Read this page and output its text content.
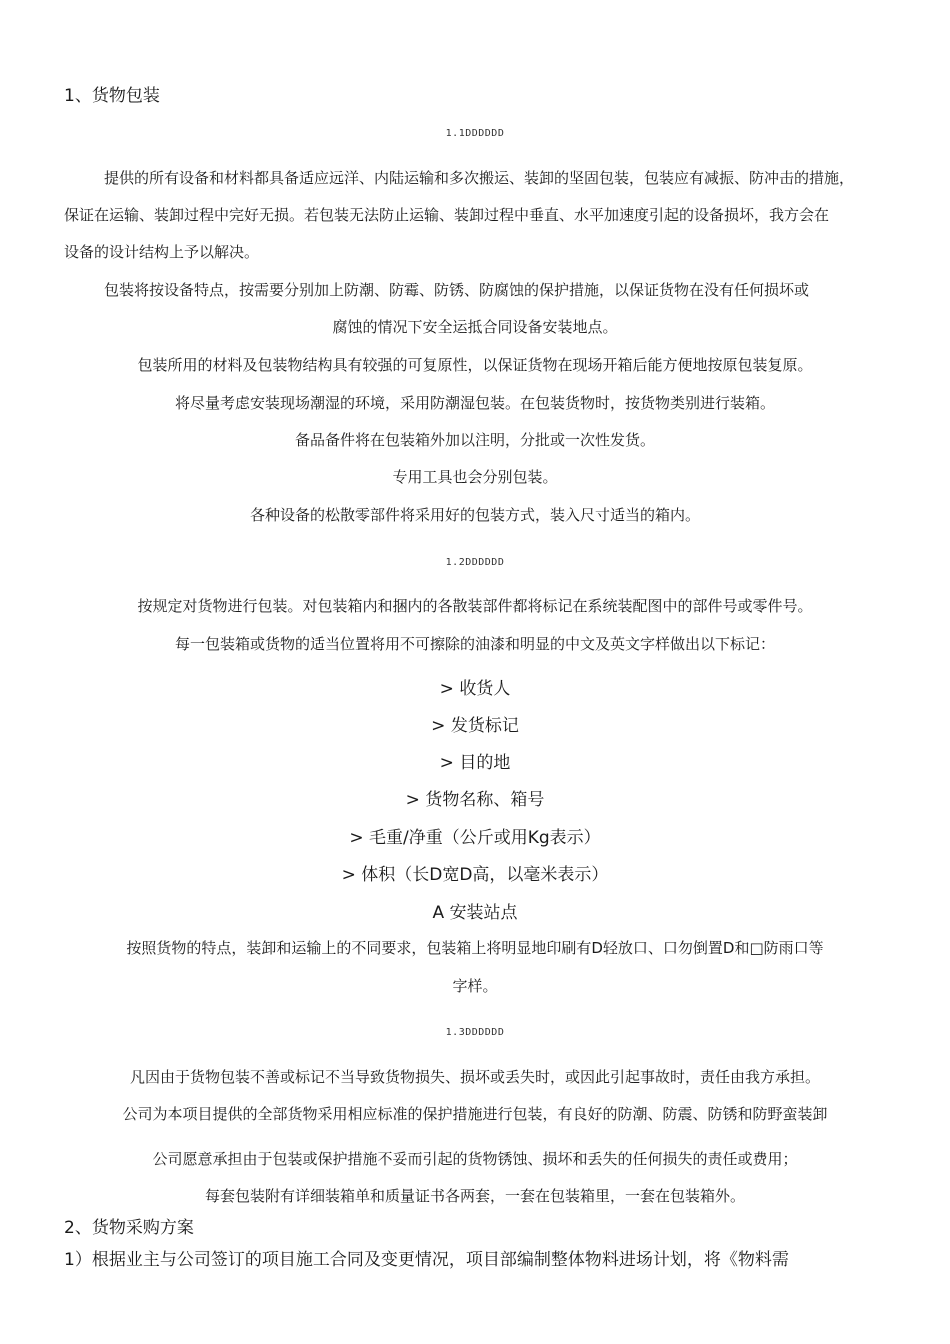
1、货物包装
1.1DDDDDD
提供的所有设备和材料都具备适应远洋、内陆运输和多次搬运、装卸的坚固包装，包装应有减振、防冲击的措施，
保证在运输、装卸过程中完好无损。若包装无法防止运输、装卸过程中垂直、水平加速度引起的设备损坏，我方会在
设备的设计结构上予以解决。
包装将按设备特点，按需要分别加上防潮、防霉、防锈、防腐蚀的保护措施，以保证货物在没有任何损坏或
腐蚀的情况下安全运抵合同设备安装地点。
包装所用的材料及包装物结构具有较强的可复原性，以保证货物在现场开箱后能方便地按原包装复原。
将尽量考虑安装现场潮湿的环境，采用防潮湿包装。在包装货物时，按货物类别进行装箱。
备品备件将在包装箱外加以注明，分批或一次性发货。
专用工具也会分别包装。
各种设备的松散零部件将采用好的包装方式，装入尺寸适当的箱内。
1.2DDDDDD
按规定对货物进行包装。对包装箱内和捆内的各散装部件都将标记在系统装配图中的部件号或零件号。
每一包装箱或货物的适当位置将用不可擦除的油漆和明显的中文及英文字样做出以下标记：
> 收货人
> 发货标记
> 目的地
> 货物名称、箱号
> 毛重/净重（公斤或用Kg表示）
> 体积（长D宽D高，以毫米表示）
A 安装站点
按照货物的特点，装卸和运输上的不同要求，包装箱上将明显地印刷有D轻放口、口勿倒置D和□防雨口等
字样。
1.3DDDDDD
凡因由于货物包装不善或标记不当导致货物损失、损坏或丢失时，或因此引起事故时，责任由我方承担。
公司为本项目提供的全部货物采用相应标准的保护措施进行包装，有良好的防潮、防震、防锈和防野蛮装卸
公司愿意承担由于包装或保护措施不妥而引起的货物锈蚀、损坏和丢失的任何损失的责任或费用；
每套包装附有详细装箱单和质量证书各两套，一套在包装箱里，一套在包装箱外。
2、货物采购方案
1）根据业主与公司签订的项目施工合同及变更情况，项目部编制整体物料进场计划，将《物料需
